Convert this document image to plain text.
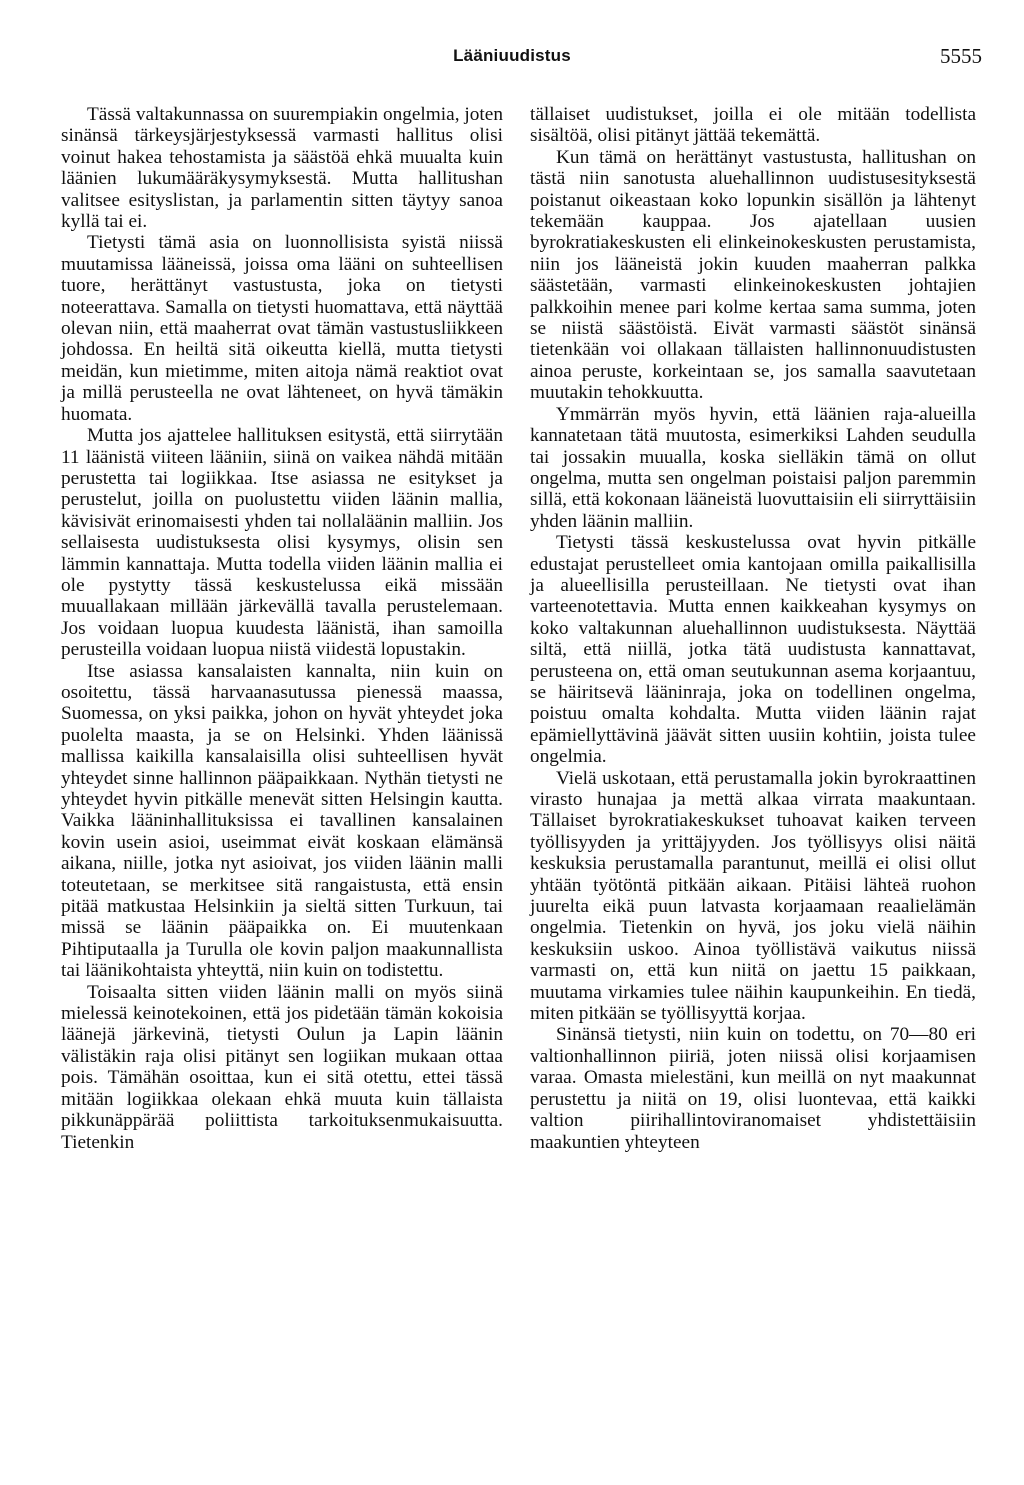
Lääniuudistus	5555

Tässä valtakunnassa on suurempiakin ongelmia, joten sinänsä tärkeysjärjestyksessä varmasti hallitus olisi voinut hakea tehostamista ja säästöä ehkä muualta kuin läänien lukumääräkysymyksestä. Mutta hallitushan valitsee esityslistan, ja parlamentin sitten täytyy sanoa kyllä tai ei.

Tietysti tämä asia on luonnollisista syistä niissä muutamissa lääneissä, joissa oma lääni on suhteellisen tuore, herättänyt vastustusta, joka on tietysti noteerattava. Samalla on tietysti huomattava, että näyttää olevan niin, että maaherrat ovat tämän vastustusliikkeen johdossa. En heiltä sitä oikeutta kiellä, mutta tietysti meidän, kun mietimme, miten aitoja nämä reaktiot ovat ja millä perusteella ne ovat lähteneet, on hyvä tämäkin huomata.

Mutta jos ajattelee hallituksen esitystä, että siirrytään 11 läänistä viiteen lääniin, siinä on vaikea nähdä mitään perustetta tai logiikkaa. Itse asiassa ne esitykset ja perustelut, joilla on puolustettu viiden läänin mallia, kävisivät erinomaisesti yhden tai nollaläänin malliin. Jos sellaisesta uudistuksesta olisi kysymys, olisin sen lämmin kannattaja. Mutta todella viiden läänin mallia ei ole pystytty tässä keskustelussa eikä missään muuallakaan millään järkevällä tavalla perustelemaan. Jos voidaan luopua kuudesta läänistä, ihan samoilla perusteilla voidaan luopua niistä viidestä lopustakin.

Itse asiassa kansalaisten kannalta, niin kuin on osoitettu, tässä harvaanasutussa pienessä maassa, Suomessa, on yksi paikka, johon on hyvät yhteydet joka puolelta maasta, ja se on Helsinki. Yhden läänissä mallissa kaikilla kansalaisilla olisi suhteellisen hyvät yhteydet sinne hallinnon pääpaikkaan. Nythän tietysti ne yhteydet hyvin pitkälle menevät sitten Helsingin kautta. Vaikka lääninhallituksissa ei tavallinen kansalainen kovin usein asioi, useimmat eivät koskaan elämänsä aikana, niille, jotka nyt asioivat, jos viiden läänin malli toteutetaan, se merkitsee sitä rangaistusta, että ensin pitää matkustaa Helsinkiin ja sieltä sitten Turkuun, tai missä se läänin pääpaikka on. Ei muutenkaan Pihtiputaalla ja Turulla ole kovin paljon maakunnallista tai läänikohtaista yhteyttä, niin kuin on todistettu.

Toisaalta sitten viiden läänin malli on myös siinä mielessä keinotekoinen, että jos pidetään tämän kokoisia läänejä järkevinä, tietysti Oulun ja Lapin läänin välistäkin raja olisi pitänyt sen logiikan mukaan ottaa pois. Tämähän osoittaa, kun ei sitä otettu, ettei tässä mitään logiikkaa olekaan ehkä muuta kuin tällaista pikkunäppärää poliittista tarkoituksenmukaisuutta. Tietenkin

tällaiset uudistukset, joilla ei ole mitään todellista sisältöä, olisi pitänyt jättää tekemättä.

Kun tämä on herättänyt vastustusta, hallitushan on tästä niin sanotusta aluehallinnon uudistusesityksestä poistanut oikeastaan koko lopunkin sisällön ja lähtenyt tekemään kauppaa. Jos ajatellaan uusien byrokratiakeskusten eli elinkeinokeskusten perustamista, niin jos lääneistä jokin kuuden maaherran palkka säästetään, varmasti elinkeinokeskusten johtajien palkkoihin menee pari kolme kertaa sama summa, joten se niistä säästöistä. Eivät varmasti säästöt sinänsä tietenkään voi ollakaan tällaisten hallinnonuudistusten ainoa peruste, korkeintaan se, jos samalla saavutetaan muutakin tehokkuutta.

Ymmärrän myös hyvin, että läänien raja-alueilla kannatetaan tätä muutosta, esimerkiksi Lahden seudulla tai jossakin muualla, koska sielläkin tämä on ollut ongelma, mutta sen ongelman poistaisi paljon paremmin sillä, että kokonaan lääneistä luovuttaisiin eli siirryttäisiin yhden läänin malliin.

Tietysti tässä keskustelussa ovat hyvin pitkälle edustajat perustelleet omia kantojaan omilla paikallisilla ja alueellisilla perusteillaan. Ne tietysti ovat ihan varteenotettavia. Mutta ennen kaikkeahan kysymys on koko valtakunnan aluehallinnon uudistuksesta. Näyttää siltä, että niillä, jotka tätä uudistusta kannattavat, perusteena on, että oman seutukunnan asema korjaantuu, se häiritsevä lääninraja, joka on todellinen ongelma, poistuu omalta kohdalta. Mutta viiden läänin rajat epämiellyttävinä jäävät sitten uusiin kohtiin, joista tulee ongelmia.

Vielä uskotaan, että perustamalla jokin byrokraattinen virasto hunajaa ja mettä alkaa virrata maakuntaan. Tällaiset byrokratiakeskukset tuhoavat kaiken terveen työllisyyden ja yrittäjyyden. Jos työllisyys olisi näitä keskuksia perustamalla parantunut, meillä ei olisi ollut yhtään työtöntä pitkään aikaan. Pitäisi lähteä ruohon juurelta eikä puun latvasta korjaamaan reaalielämän ongelmia. Tietenkin on hyvä, jos joku vielä näihin keskuksiin uskoo. Ainoa työllistävä vaikutus niissä varmasti on, että kun niitä on jaettu 15 paikkaan, muutama virkamies tulee näihin kaupunkeihin. En tiedä, miten pitkään se työllisyyttä korjaa.

Sinänsä tietysti, niin kuin on todettu, on 70—80 eri valtionhallinnon piiriä, joten niissä olisi korjaamisen varaa. Omasta mielestäni, kun meillä on nyt maakunnat perustettu ja niitä on 19, olisi luontevaa, että kaikki valtion piirihallintoviranomaiset yhdistettäisiin maakuntien yhteyteen
